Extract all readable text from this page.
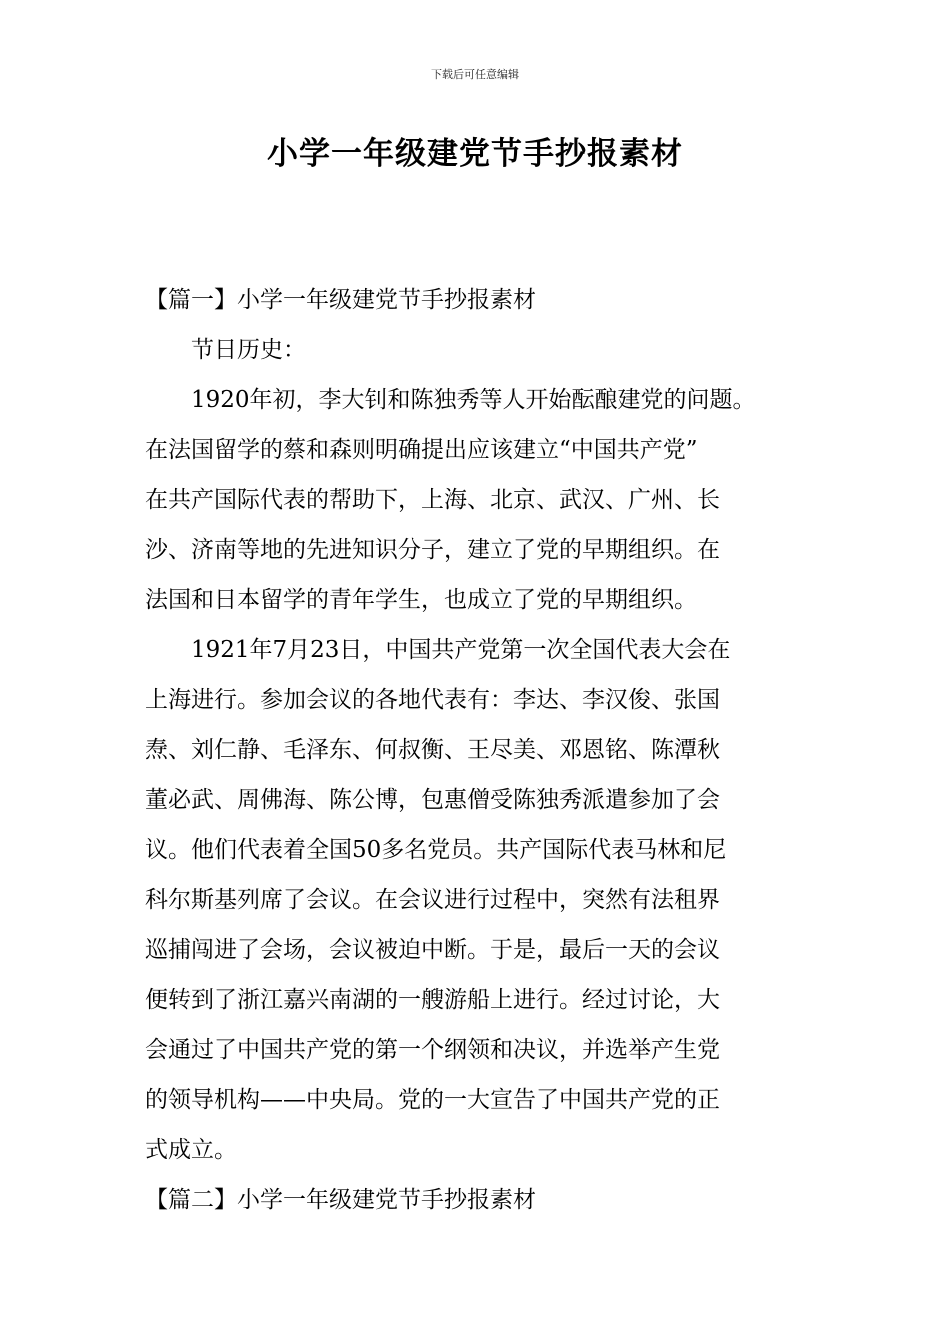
下载后可任意编辑
小学一年级建党节手抄报素材
【篇一】小学一年级建党节手抄报素材
节日历史：
1920年初，李大钊和陈独秀等人开始酝酿建党的问题。
在法国留学的蔡和森则明确提出应该建立“中国共产党”
在共产国际代表的帮助下，上海、北京、武汉、广州、长
沙、济南等地的先进知识分子，建立了党的早期组织。在
法国和日本留学的青年学生，也成立了党的早期组织。
1921年7月23日，中国共产党第一次全国代表大会在
上海进行。参加会议的各地代表有：李达、李汉俊、张国
焘、刘仁静、毛泽东、何叔衡、王尽美、邓恩铭、陈潭秋
董必武、周佛海、陈公博，包惠僧受陈独秀派遣参加了会
议。他们代表着全国50多名党员。共产国际代表马林和尼
科尔斯基列席了会议。在会议进行过程中，突然有法租界
巡捕闯进了会场，会议被迫中断。于是，最后一天的会议
便转到了浙江嘉兴南湖的一艘游船上进行。经过讨论，大
会通过了中国共产党的第一个纲领和决议，并选举产生党
的领导机构——中央局。党的一大宣告了中国共产党的正
式成立。
【篇二】小学一年级建党节手抄报素材
